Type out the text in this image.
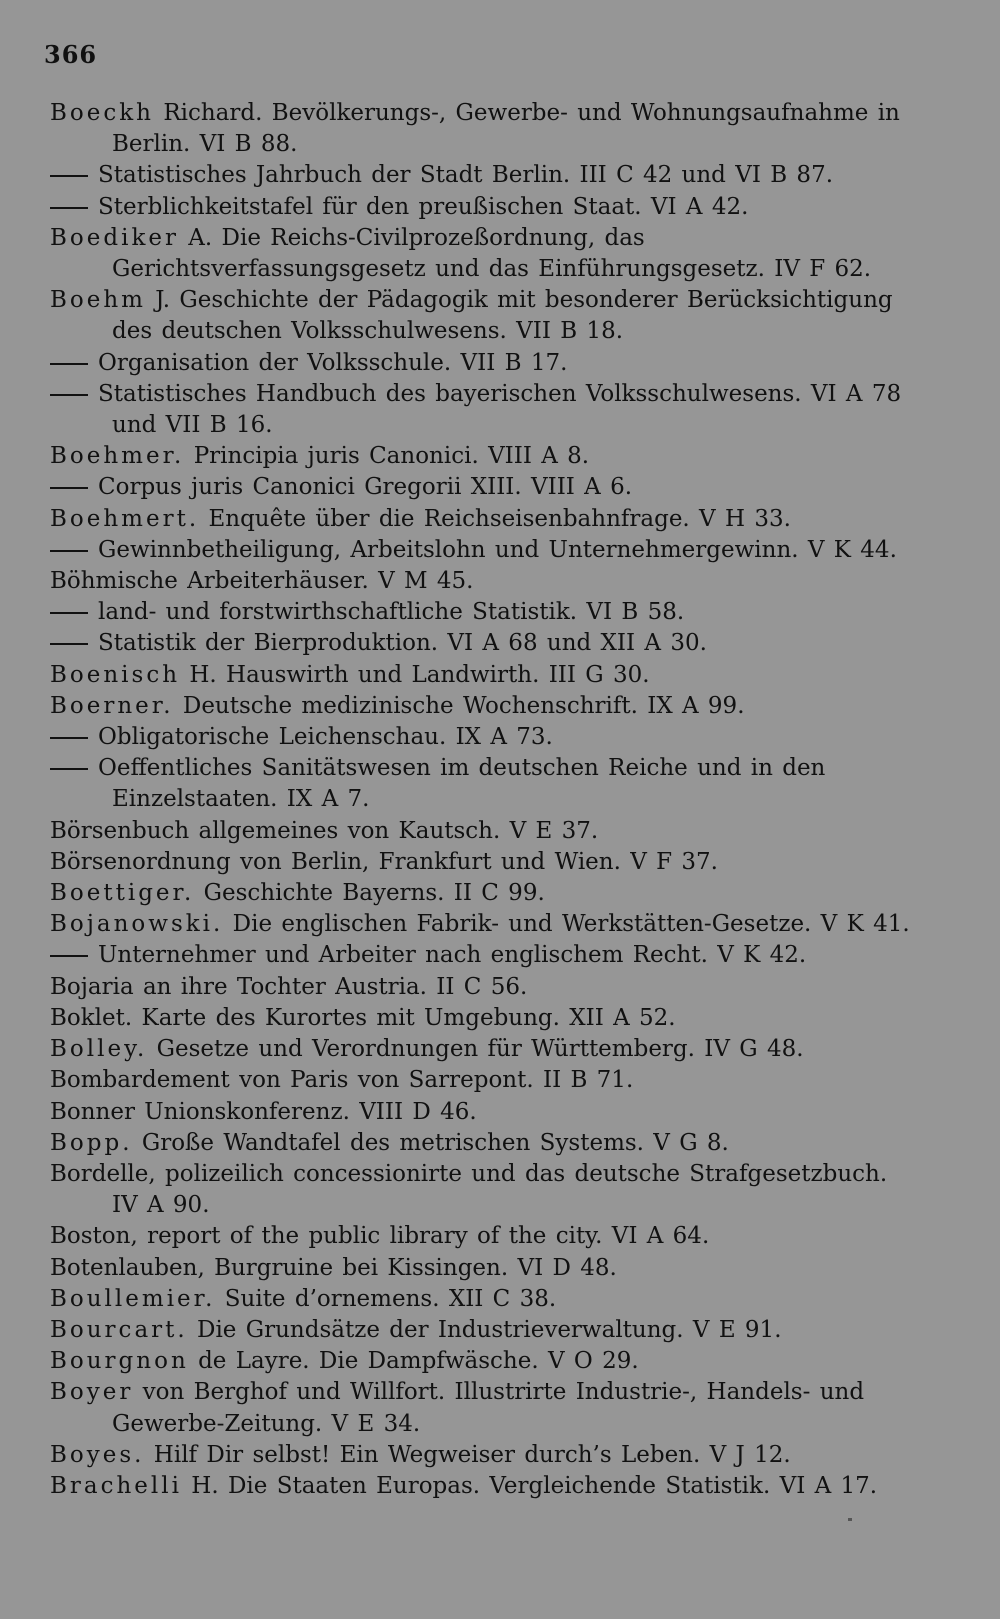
366
Boeckh Richard. Bevölkerungs-, Gewerbe- und Wohnungsaufnahme in Berlin. VI B 88.
Statistisches Jahrbuch der Stadt Berlin. III C 42 und VI B 87.
Sterblichkeitstafel für den preußischen Staat. VI A 42.
Boediker A. Die Reichs-Civilprozeßordnung, das Gerichtsverfassungsgesetz und das Einführungsgesetz. IV F 62.
Boehm J. Geschichte der Pädagogik mit besonderer Berücksichtigung des deutschen Volksschulwesens. VII B 18.
Organisation der Volksschule. VII B 17.
Statistisches Handbuch des bayerischen Volksschulwesens. VI A 78 und VII B 16.
Boehmer. Principia juris Canonici. VIII A 8.
Corpus juris Canonici Gregorii XIII. VIII A 6.
Boehmert. Enquête über die Reichseisenbahnfrage. V H 33.
Gewinnbetheiligung, Arbeitslohn und Unternehmergewinn. V K 44.
Böhmische Arbeiterhäuser. V M 45.
land- und forstwirthschaftliche Statistik. VI B 58.
Statistik der Bierproduktion. VI A 68 und XII A 30.
Boenisch H. Hauswirth und Landwirth. III G 30.
Boerner. Deutsche medizinische Wochenschrift. IX A 99.
Obligatorische Leichenschau. IX A 73.
Oeffentliches Sanitätswesen im deutschen Reiche und in den Einzelstaaten. IX A 7.
Börsenbuch allgemeines von Kautsch. V E 37.
Börsenordnung von Berlin, Frankfurt und Wien. V F 37.
Boettiger. Geschichte Bayerns. II C 99.
Bojanowski. Die englischen Fabrik- und Werkstätten-Gesetze. V K 41.
Unternehmer und Arbeiter nach englischem Recht. V K 42.
Bojaria an ihre Tochter Austria. II C 56.
Boklet. Karte des Kurortes mit Umgebung. XII A 52.
Bolley. Gesetze und Verordnungen für Württemberg. IV G 48.
Bombardement von Paris von Sarrepont. II B 71.
Bonner Unionskonferenz. VIII D 46.
Bopp. Große Wandtafel des metrischen Systems. V G 8.
Bordelle, polizeilich concessionirte und das deutsche Strafgesetzbuch. IV A 90.
Boston, report of the public library of the city. VI A 64.
Botenlauben, Burgruine bei Kissingen. VI D 48.
Boullemier. Suite d’ornemens. XII C 38.
Bourcart. Die Grundsätze der Industrieverwaltung. V E 91.
Bourgnon de Layre. Die Dampfwäsche. V O 29.
Boyer von Berghof und Willfort. Illustrirte Industrie-, Handels- und Gewerbe-Zeitung. V E 34.
Boyes. Hilf Dir selbst! Ein Wegweiser durch’s Leben. V J 12.
Brachelli H. Die Staaten Europas. Vergleichende Statistik. VI A 17.
